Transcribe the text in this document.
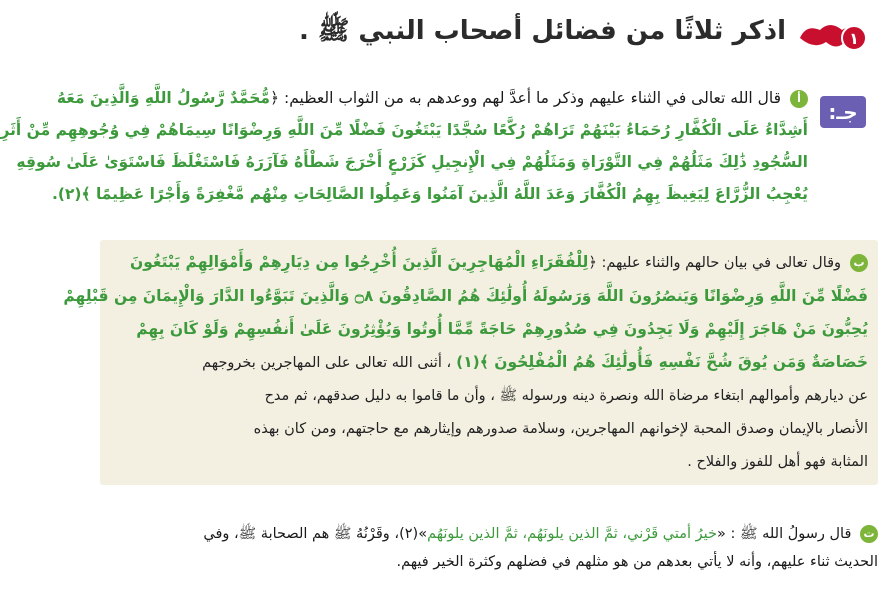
١
اذكر ثلاثًا من فضائل أصحاب النبي ﷺ .
جـ:
أ قال الله تعالى في الثناء عليهم وذكر ما أعدَّ لهم ووعدهم به من الثواب العظيم: ﴿مُّحَمَّدٌ رَّسُولُ اللَّهِ وَالَّذِينَ مَعَهُ
أَشِدَّاءُ عَلَى الْكُفَّارِ رُحَمَاءُ بَيْنَهُمْ تَرَاهُمْ رُكَّعًا سُجَّدًا يَبْتَغُونَ فَضْلًا مِّنَ اللَّهِ وَرِضْوَانًا سِيمَاهُمْ فِي وُجُوهِهِم مِّنْ أَثَرِ
السُّجُودِ ذَٰلِكَ مَثَلُهُمْ فِي التَّوْرَاةِ وَمَثَلُهُمْ فِي الْإِنجِيلِ كَزَرْعٍ أَخْرَجَ شَطْأَهُ فَآزَرَهُ فَاسْتَغْلَظَ فَاسْتَوَىٰ عَلَىٰ سُوقِهِ
يُعْجِبُ الزُّرَّاعَ لِيَغِيظَ بِهِمُ الْكُفَّارَ وَعَدَ اللَّهُ الَّذِينَ آمَنُوا وَعَمِلُوا الصَّالِحَاتِ مِنْهُم مَّغْفِرَةً وَأَجْرًا عَظِيمًا ﴾(٢).
ب وقال تعالى في بيان حالهم والثناء عليهم: ﴿لِلْفُقَرَاءِ الْمُهَاجِرِينَ الَّذِينَ أُخْرِجُوا مِن دِيَارِهِمْ وَأَمْوَالِهِمْ يَبْتَغُونَ
فَضْلًا مِّنَ اللَّهِ وَرِضْوَانًا وَيَنصُرُونَ اللَّهَ وَرَسُولَهُ أُولَٰئِكَ هُمُ الصَّادِقُونَ ۝٨ وَالَّذِينَ تَبَوَّءُوا الدَّارَ وَالْإِيمَانَ مِن قَبْلِهِمْ
يُحِبُّونَ مَنْ هَاجَرَ إِلَيْهِمْ وَلَا يَجِدُونَ فِي صُدُورِهِمْ حَاجَةً مِّمَّا أُوتُوا وَيُؤْثِرُونَ عَلَىٰ أَنفُسِهِمْ وَلَوْ كَانَ بِهِمْ
خَصَاصَةٌ وَمَن يُوقَ شُحَّ نَفْسِهِ فَأُولَٰئِكَ هُمُ الْمُفْلِحُونَ ﴾(١) ، أثنى الله تعالى على المهاجرين بخروجهم
عن ديارهم وأموالهم ابتغاء مرضاة الله ونصرة دينه ورسوله ﷺ ، وأن ما قاموا به دليل صدقهم، ثم مدح
الأنصار بالإيمان وصدق المحبة لإخوانهم المهاجرين، وسلامة صدورهم وإيثارهم مع حاجتهم، ومن كان بهذه
المثابة فهو أهل للفوز والفلاح .
ت قال رسولُ الله ﷺ : «خيرُ أمتي قَرْني، ثمَّ الذين يلونَهُم، ثمَّ الذين يلونَهُم»(٢)، وقَرْنُهُ ﷺ هم الصحابة ﷺ، وفي
الحديث ثناء عليهم، وأنه لا يأتي بعدهم من هو مثلهم في فضلهم وكثرة الخير فيهم.
